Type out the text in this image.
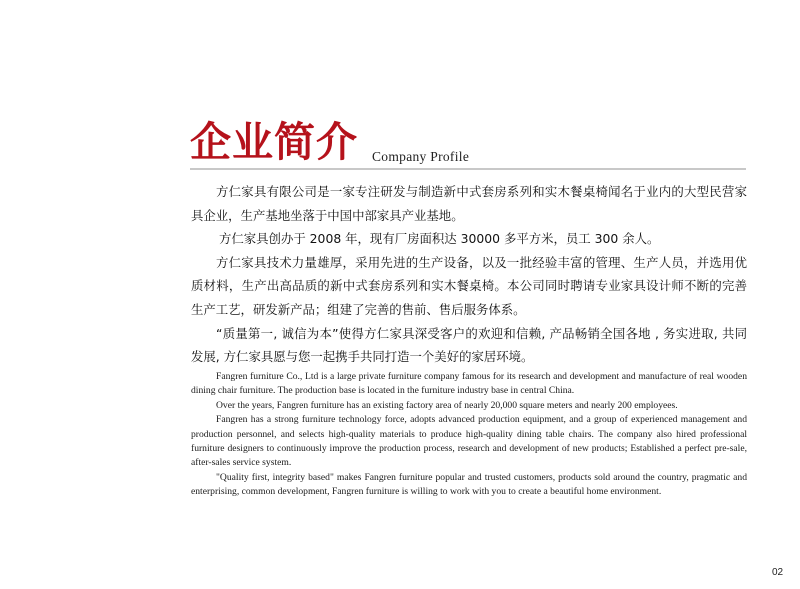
企业简介 Company Profile

方仁家具有限公司是一家专注研发与制造新中式套房系列和实木餐桌椅闻名于业内的大型民营家具企业，生产基地坐落于中国中部家具产业基地。

方仁家具创办于 2008 年，现有厂房面积达 30000 多平方米，员工 300 余人。

方仁家具技术力量雄厚，采用先进的生产设备，以及一批经验丰富的管理、生产人员，并选用优质材料，生产出高品质的新中式套房系列和实木餐桌椅。本公司同时聘请专业家具设计师不断的完善生产工艺，研发新产品；组建了完善的售前、售后服务体系。

“质量第一, 诚信为本”使得方仁家具深受客户的欢迎和信赖, 产品畅销全国各地 , 务实进取, 共同发展, 方仁家具愿与您一起携手共同打造一个美好的家居环境。

Fangren furniture Co., Ltd is a large private furniture company famous for its research and development and manufacture of real wooden dining chair furniture. The production base is located in the furniture industry base in central China.

Over the years, Fangren furniture has an existing factory area of nearly 20,000 square meters and nearly 200 employees.

Fangren has a strong furniture technology force, adopts advanced production equipment, and a group of experienced management and production personnel, and selects high-quality materials to produce high-quality dining table chairs. The company also hired professional furniture designers to continuously improve the production process, research and development of new products; Established a perfect pre-sale, after-sales service system.

"Quality first, integrity based" makes Fangren furniture popular and trusted customers, products sold around the country, pragmatic and enterprising, common development, Fangren furniture is willing to work with you to create a beautiful home environment.

02
